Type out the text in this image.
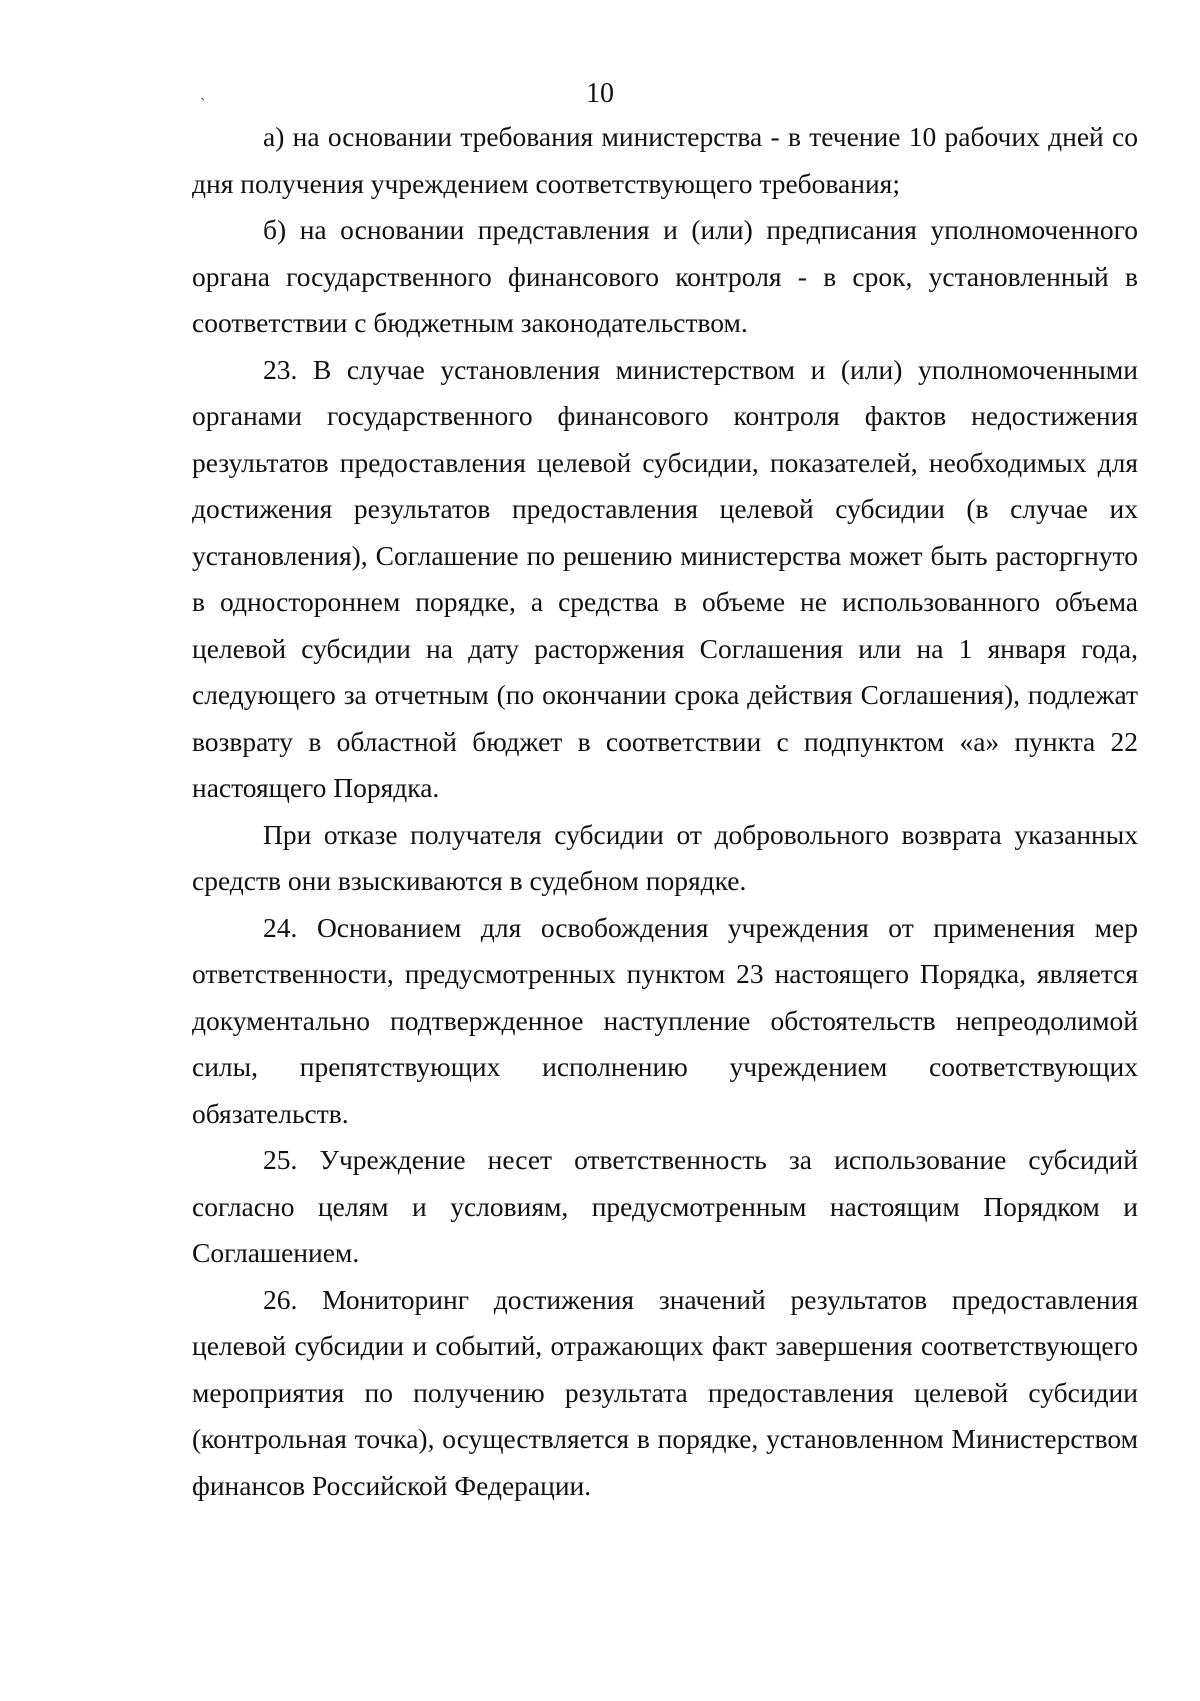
ˏ	10

а) на основании требования министерства - в течение 10 рабочих дней со дня получения учреждением соответствующего требования;

б) на основании представления и (или) предписания уполномоченного органа государственного финансового контроля - в срок, установленный в соответствии с бюджетным законодательством.

23. В случае установления министерством и (или) уполномоченными органами государственного финансового контроля фактов недостижения результатов предоставления целевой субсидии, показателей, необходимых для достижения результатов предоставления целевой субсидии (в случае их установления), Соглашение по решению министерства может быть расторгнуто в одностороннем порядке, а средства в объеме не использованного объема целевой субсидии на дату расторжения Соглашения или на 1 января года, следующего за отчетным (по окончании срока действия Соглашения), подлежат возврату в областной бюджет в соответствии с подпунктом «а» пункта 22 настоящего Порядка.

При отказе получателя субсидии от добровольного возврата указанных средств они взыскиваются в судебном порядке.

24. Основанием для освобождения учреждения от применения мер ответственности, предусмотренных пунктом 23 настоящего Порядка, является документально подтвержденное наступление обстоятельств непреодолимой силы, препятствующих исполнению учреждением соответствующих обязательств.

25. Учреждение несет ответственность за использование субсидий согласно целям и условиям, предусмотренным настоящим Порядком и Соглашением.

26. Мониторинг достижения значений результатов предоставления целевой субсидии и событий, отражающих факт завершения соответствующего мероприятия по получению результата предоставления целевой субсидии (контрольная точка), осуществляется в порядке, установленном Министерством финансов Российской Федерации.
